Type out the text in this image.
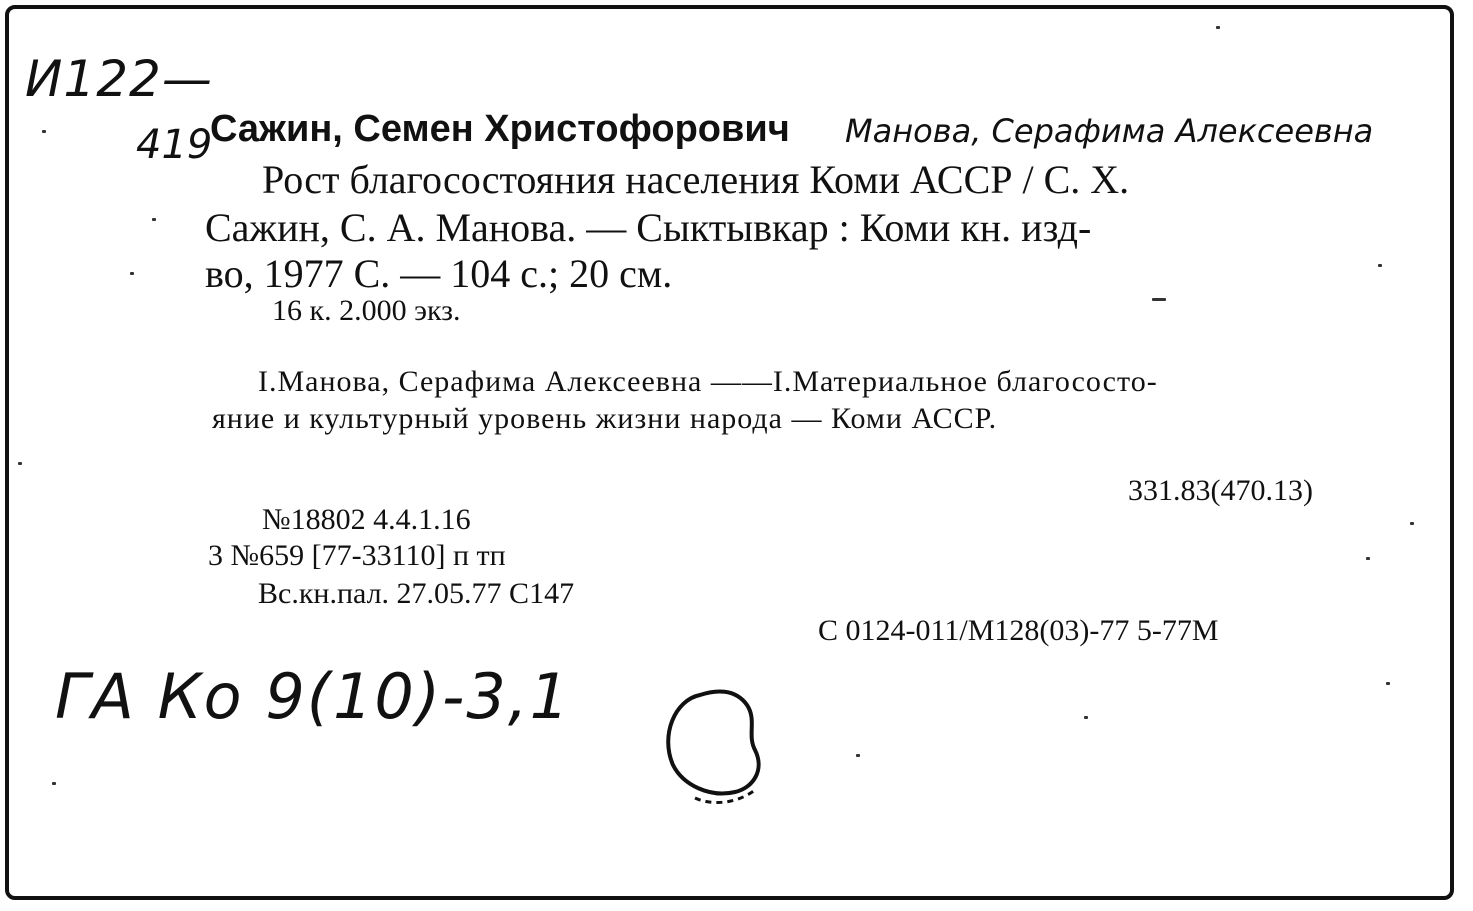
И122—
419
Сажин, Семен Христофорович Манова, Серафима Алексеевна
Рост благосостояния населения Коми АССР / С. Х.
Сажин, С. А. Манова. — Сыктывкар : Коми кн. изд-
во, 1977 С. — 104 с.; 20 см.
16 к. 2.000 экз.
I.Манова, Серафима Алексеевна ——I.Материальное благососто-
яние и культурный уровень жизни народа — Коми АССР.
331.83(470.13)
№18802 4.4.1.16
3 №659 [77-33110] п тп
Вс.кн.пал. 27.05.77 С147
С 0124-011/М128(03)-77 5-77М
ГА Ко 9(10)-3,1
